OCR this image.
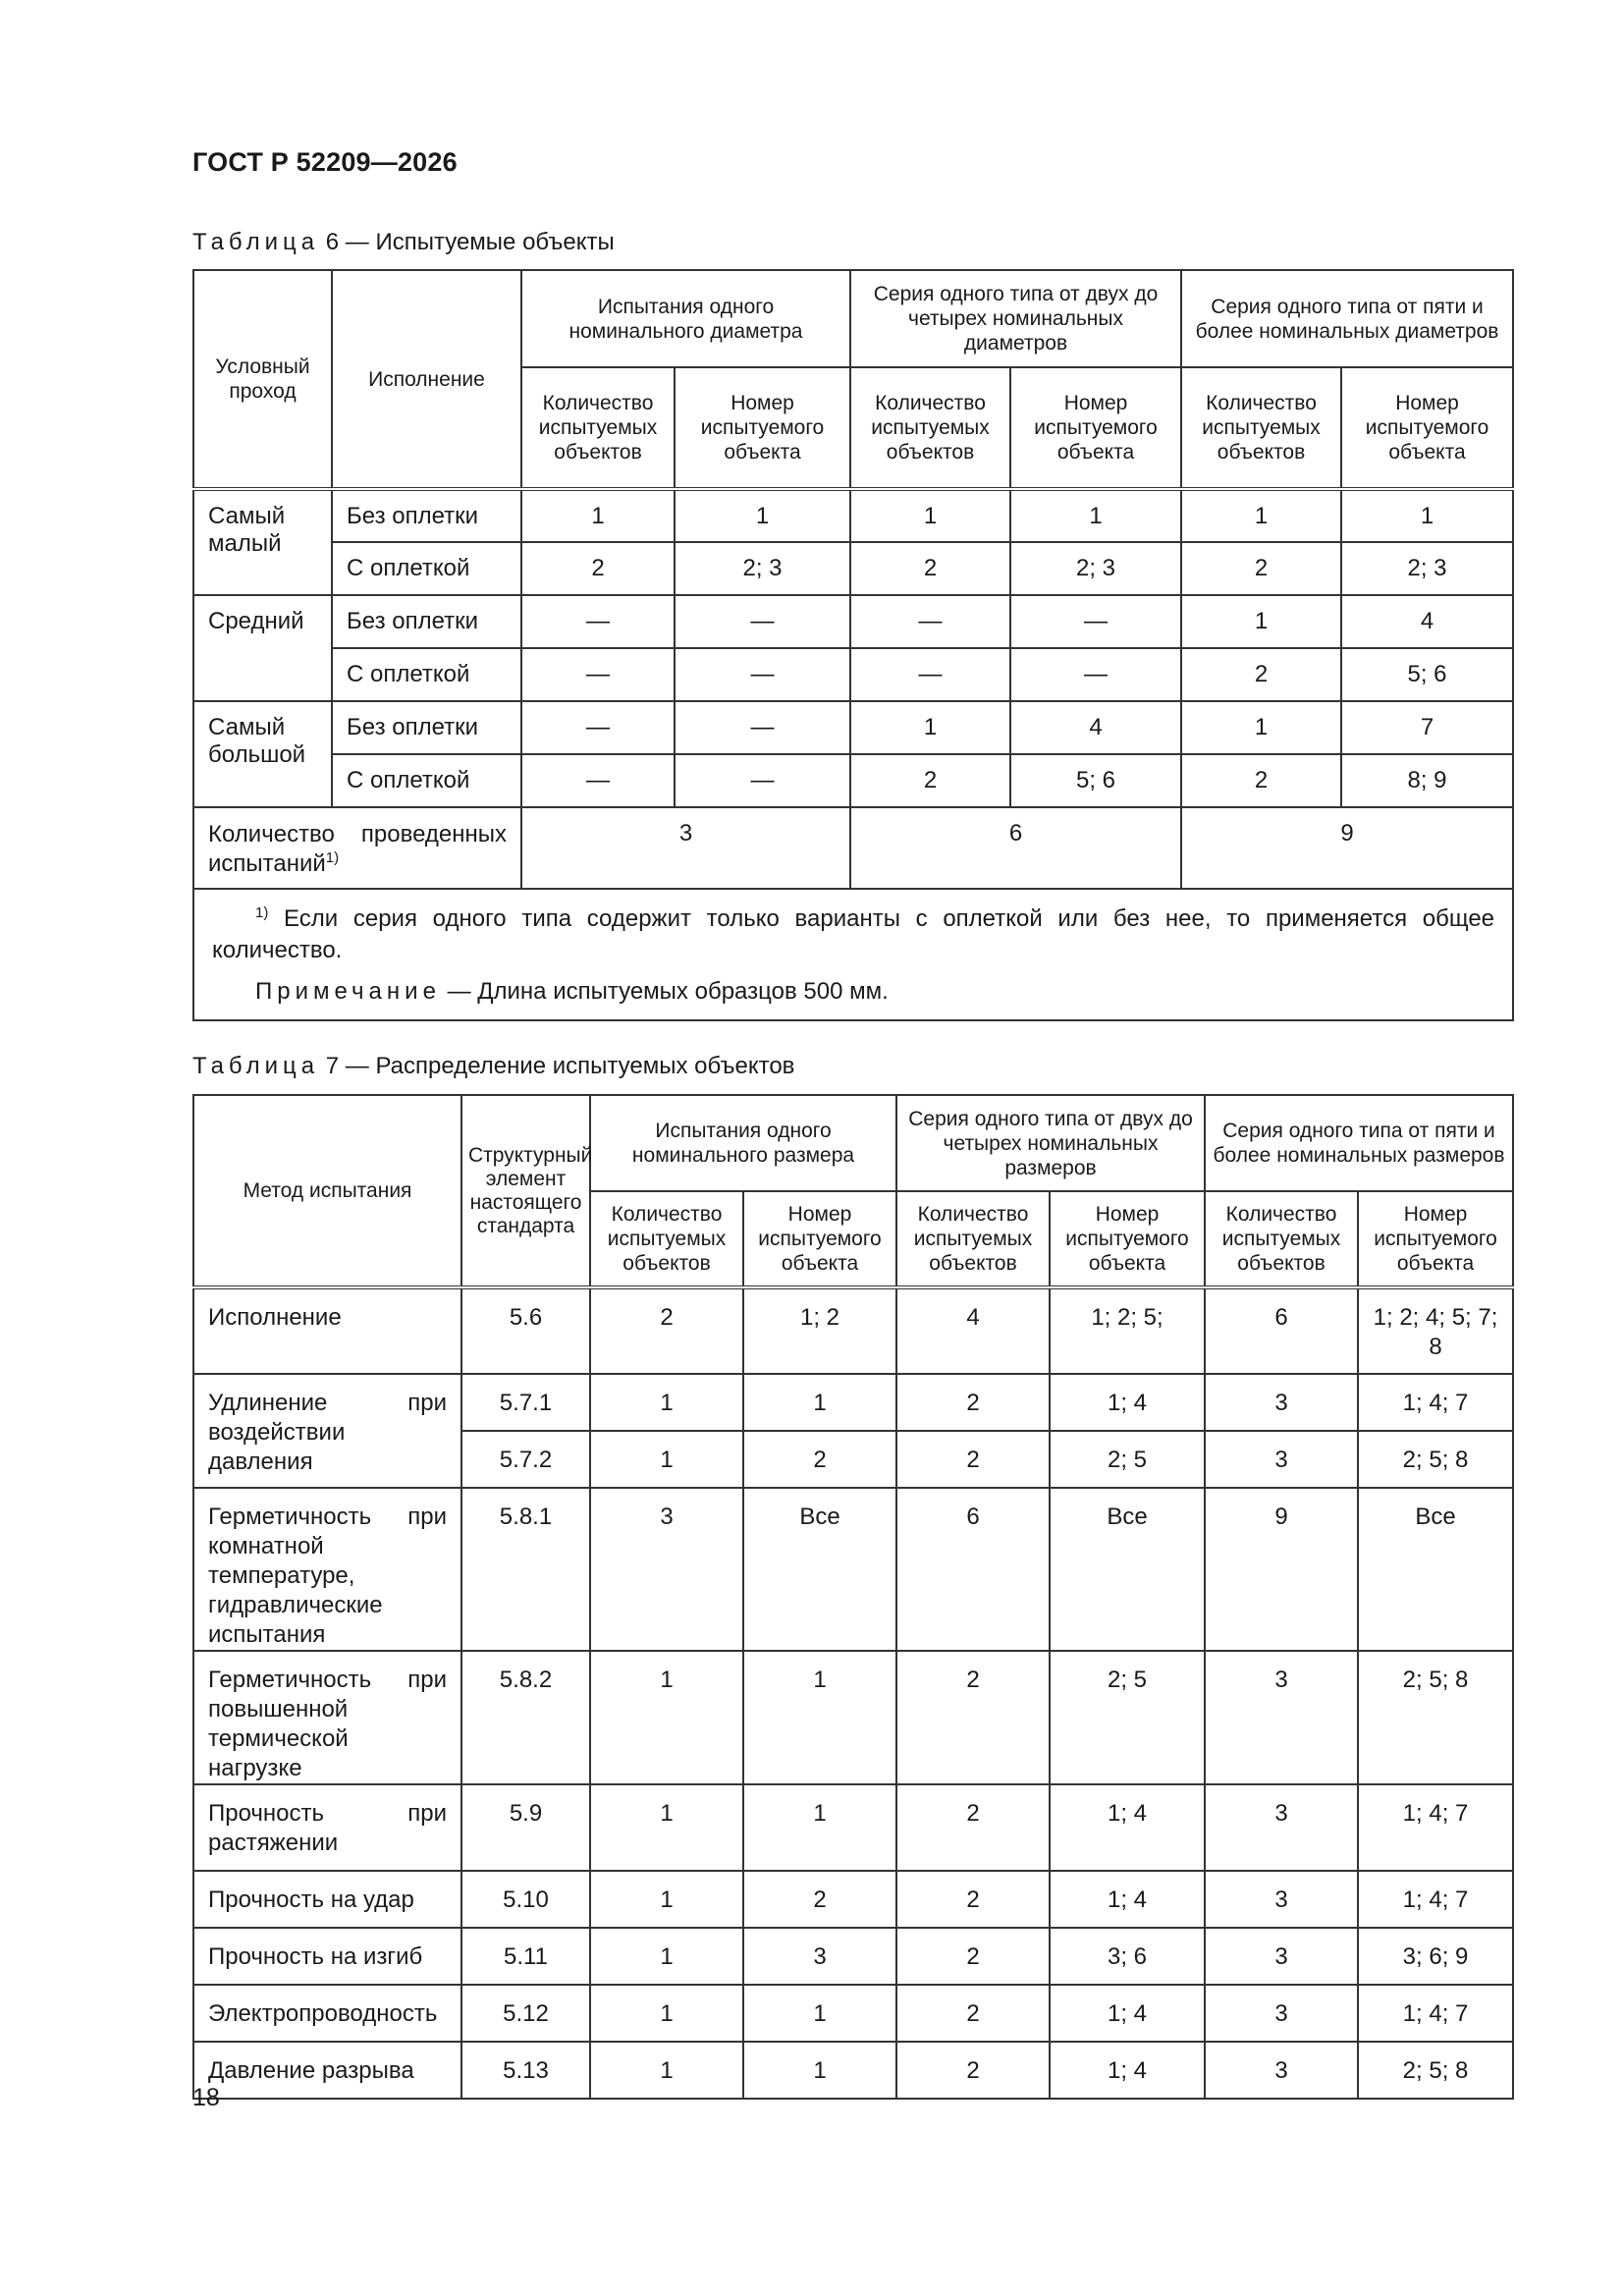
ГОСТ Р 52209—2026
Таблица 6 — Испытуемые объекты
Условный проход	Исполнение	Испытания одного номинального диаметра		Серия одного типа от двух до четырех номинальных диаметров		Серия одного типа от пяти и более номинальных диаметров	
		Количество испытуемых объектов	Номер испытуемого объекта	Количество испытуемых объектов	Номер испытуемого объекта	Количество испытуемых объектов	Номер испытуемого объекта
Самый малый	Без оплетки	1	1	1	1	1	1
	С оплеткой	2	2; 3	2	2; 3	2	2; 3
Средний	Без оплетки	—	—	—	—	1	4
	С оплеткой	—	—	—	—	2	5; 6
Самый большой	Без оплетки	—	—	1	4	1	7
	С оплеткой	—	—	2	5; 6	2	8; 9
Количество проведенных испытаний$^{1)}$		3		6		9	

$^{1)}$ Если серия одного типа содержит только варианты с оплеткой или без нее, то применяется общее количество.

Примечание — Длина испытуемых образцов 500 мм.							

Таблица 7 — Распределение испытуемых объектов
Метод испытания	Структурный элемент настоящего стандарта	Испытания одного номинального размера		Серия одного типа от двух до четырех номинальных размеров		Серия одного типа от пяти и более номинальных размеров	
		Количество испытуемых объектов	Номер испытуемого объекта	Количество испытуемых объектов	Номер испытуемого объекта	Количество испытуемых объектов	Номер испытуемого объекта
Исполнение	5.6	2	1; 2	4	1; 2; 5;	6	1; 2; 4; 5; 7; 8
Удлинение при воздействии давления	5.7.1	1	1	2	1; 4	3	1; 4; 7
	5.7.2	1	2	2	2; 5	3	2; 5; 8
Герметичность при комнатной температуре, гидравлические испытания	5.8.1	3	Все	6	Все	9	Все
Герметичность при повышенной термической нагрузке	5.8.2	1	1	2	2; 5	3	2; 5; 8
Прочность при растяжении	5.9	1	1	2	1; 4	3	1; 4; 7
Прочность на удар	5.10	1	2	2	1; 4	3	1; 4; 7
Прочность на изгиб	5.11	1	3	2	3; 6	3	3; 6; 9
Электропроводность	5.12	1	1	2	1; 4	3	1; 4; 7
Давление разрыва	5.13	1	1	2	1; 4	3	2; 5; 8
18
